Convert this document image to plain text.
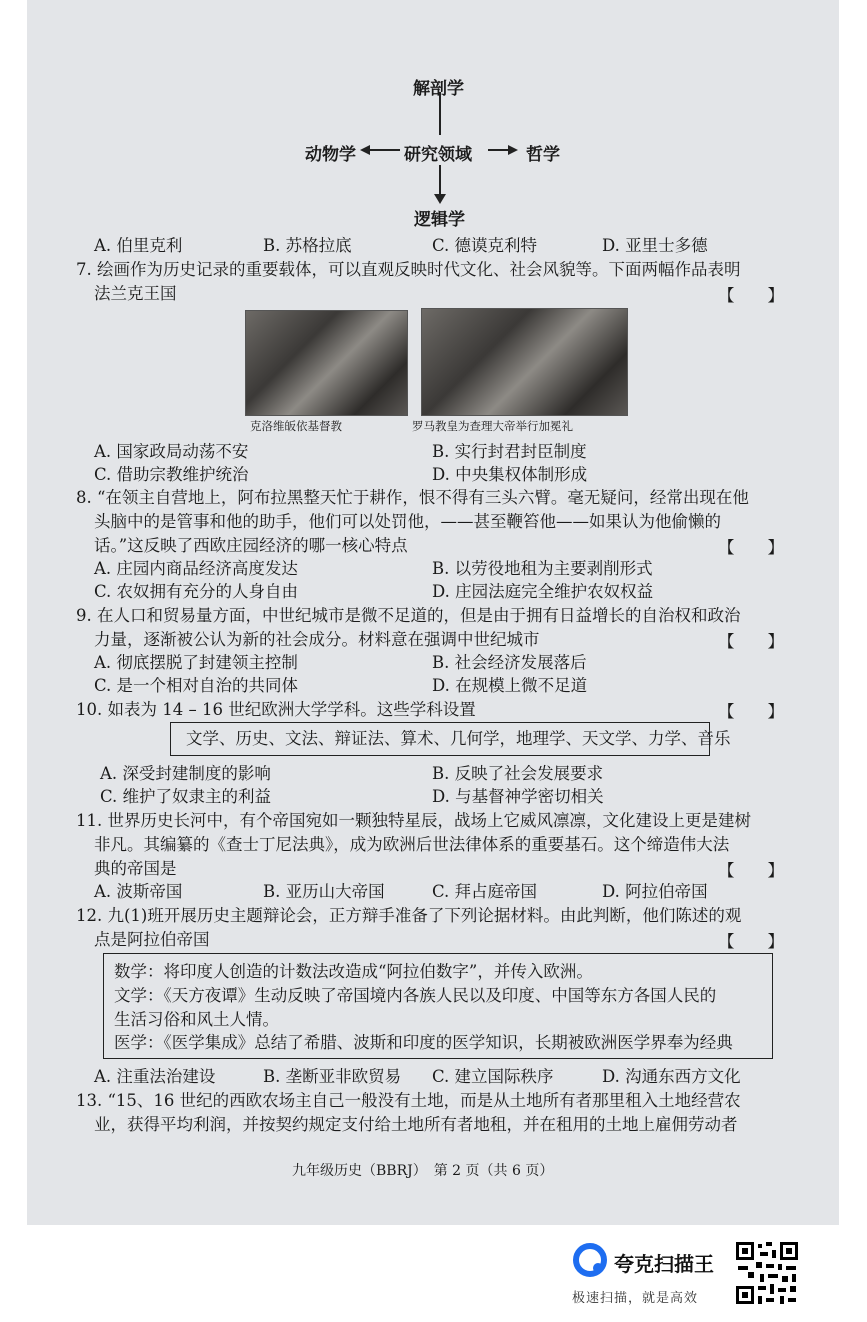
解剖学
动物学	研究领域	哲学
逻辑学
A. 伯里克利	B. 苏格拉底	C. 德谟克利特	D. 亚里士多德
7. 绘画作为历史记录的重要载体，可以直观反映时代文化、社会风貌等。下面两幅作品表明
法兰克王国	【　　】
克洛维皈依基督教	罗马教皇为查理大帝举行加冕礼
A. 国家政局动荡不安	B. 实行封君封臣制度
C. 借助宗教维护统治	D. 中央集权体制形成
8. “在领主自营地上，阿布拉黑整天忙于耕作，恨不得有三头六臂。毫无疑问，经常出现在他
头脑中的是管事和他的助手，他们可以处罚他，——甚至鞭笞他——如果认为他偷懒的
话。”这反映了西欧庄园经济的哪一核心特点	【　　】
A. 庄园内商品经济高度发达	B. 以劳役地租为主要剥削形式
C. 农奴拥有充分的人身自由	D. 庄园法庭完全维护农奴权益
9. 在人口和贸易量方面，中世纪城市是微不足道的，但是由于拥有日益增长的自治权和政治
力量，逐渐被公认为新的社会成分。材料意在强调中世纪城市	【　　】
A. 彻底摆脱了封建领主控制	B. 社会经济发展落后
C. 是一个相对自治的共同体	D. 在规模上微不足道
10. 如表为 14 – 16 世纪欧洲大学学科。这些学科设置	【　　】
文学、历史、文法、辩证法、算术、几何学，地理学、天文学、力学、音乐
A. 深受封建制度的影响	B. 反映了社会发展要求
C. 维护了奴隶主的利益	D. 与基督神学密切相关
11. 世界历史长河中，有个帝国宛如一颗独特星辰，战场上它威风凛凛，文化建设上更是建树
非凡。其编纂的《查士丁尼法典》，成为欧洲后世法律体系的重要基石。这个缔造伟大法
典的帝国是	【　　】
A. 波斯帝国	B. 亚历山大帝国	C. 拜占庭帝国	D. 阿拉伯帝国
12. 九(1)班开展历史主题辩论会，正方辩手准备了下列论据材料。由此判断，他们陈述的观
点是阿拉伯帝国	【　　】
数学：将印度人创造的计数法改造成“阿拉伯数字”，并传入欧洲。
文学：《天方夜谭》生动反映了帝国境内各族人民以及印度、中国等东方各国人民的
生活习俗和风土人情。
医学：《医学集成》总结了希腊、波斯和印度的医学知识，长期被欧洲医学界奉为经典
A. 注重法治建设	B. 垄断亚非欧贸易 C. 建立国际秩序	D. 沟通东西方文化
13. “15、16 世纪的西欧农场主自己一般没有土地，而是从土地所有者那里租入土地经营农
业，获得平均利润，并按契约规定支付给土地所有者地租，并在租用的土地上雇佣劳动者
九年级历史（BBRJ）　第 2 页（共 6 页）
夸克扫描王
极速扫描，就是高效
